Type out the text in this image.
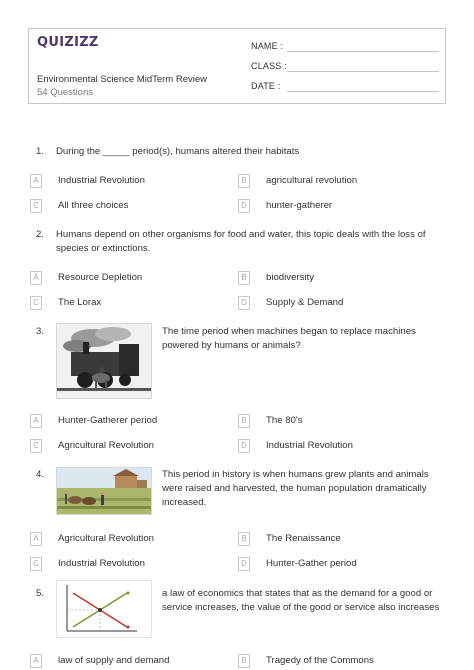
QUIZIZZ
Environmental Science MidTerm Review
54 Questions
NAME :
CLASS :
DATE :
1. During the _____ period(s), humans altered their habitats
A	Industrial Revolution	B	agricultural revolution
C	All three choices	D	hunter-gatherer
2. Humans depend on other organisms for food and water, this topic deals with the loss of species or extinctions.
A	Resource Depletion	B	biodiversity
C	The Lorax	D	Supply & Demand
3.	The time period when machines began to replace machines powered by humans or animals?
A	Hunter-Gatherer period	B	The 80's
C	Agricultural Revolution	D	Industrial Revolution
4.	This period in history is when humans grew plants and animals were raised and harvested, the human population dramatically increased.
A	Agricultural Revolution	B	The Renaissance
C	Industrial Revolution	D	Hunter-Gather period
5.	a law of economics that states that as the demand for a good or service increases, the value of the good or service also increases
A	law of supply and demand	B	Tragedy of the Commons
